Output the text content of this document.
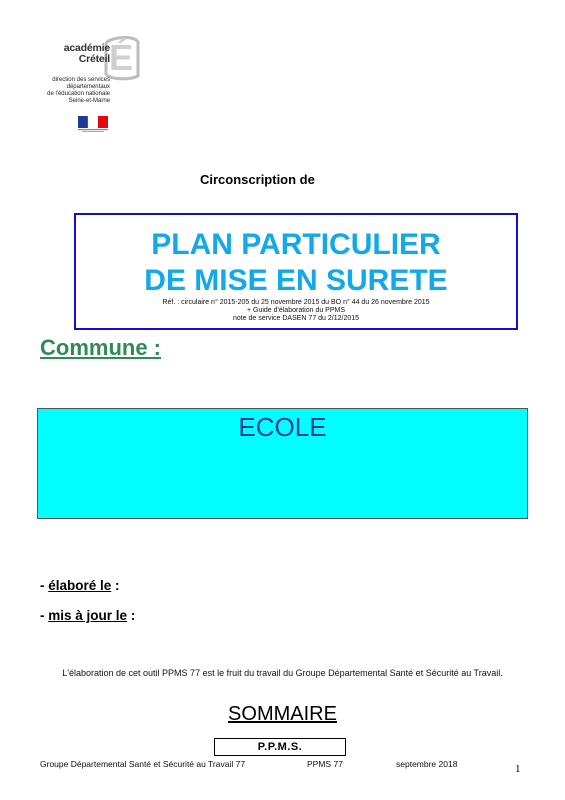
É
académie
Créteil
direction des services
départementaux
de l'éducation nationale
Seine-et-Marne
Circonscription de
PLAN PARTICULIER
DE MISE EN SURETE
Réf. : circulaire n° 2015-205 du 25 novembre 2015 du BO n° 44 du 26 novembre 2015
+ Guide d'élaboration du PPMS
note de service DASEN 77 du 2/12/2015
Commune :
ECOLE
- élaboré le :
- mis à jour le :
L'élaboration de cet outil PPMS 77 est le fruit du travail du Groupe Départemental Santé et Sécurité au Travail.
SOMMAIRE
P.P.M.S.
Groupe Départemental Santé et Sécurité au Travail 77	PPMS 77	septembre 2018	1
